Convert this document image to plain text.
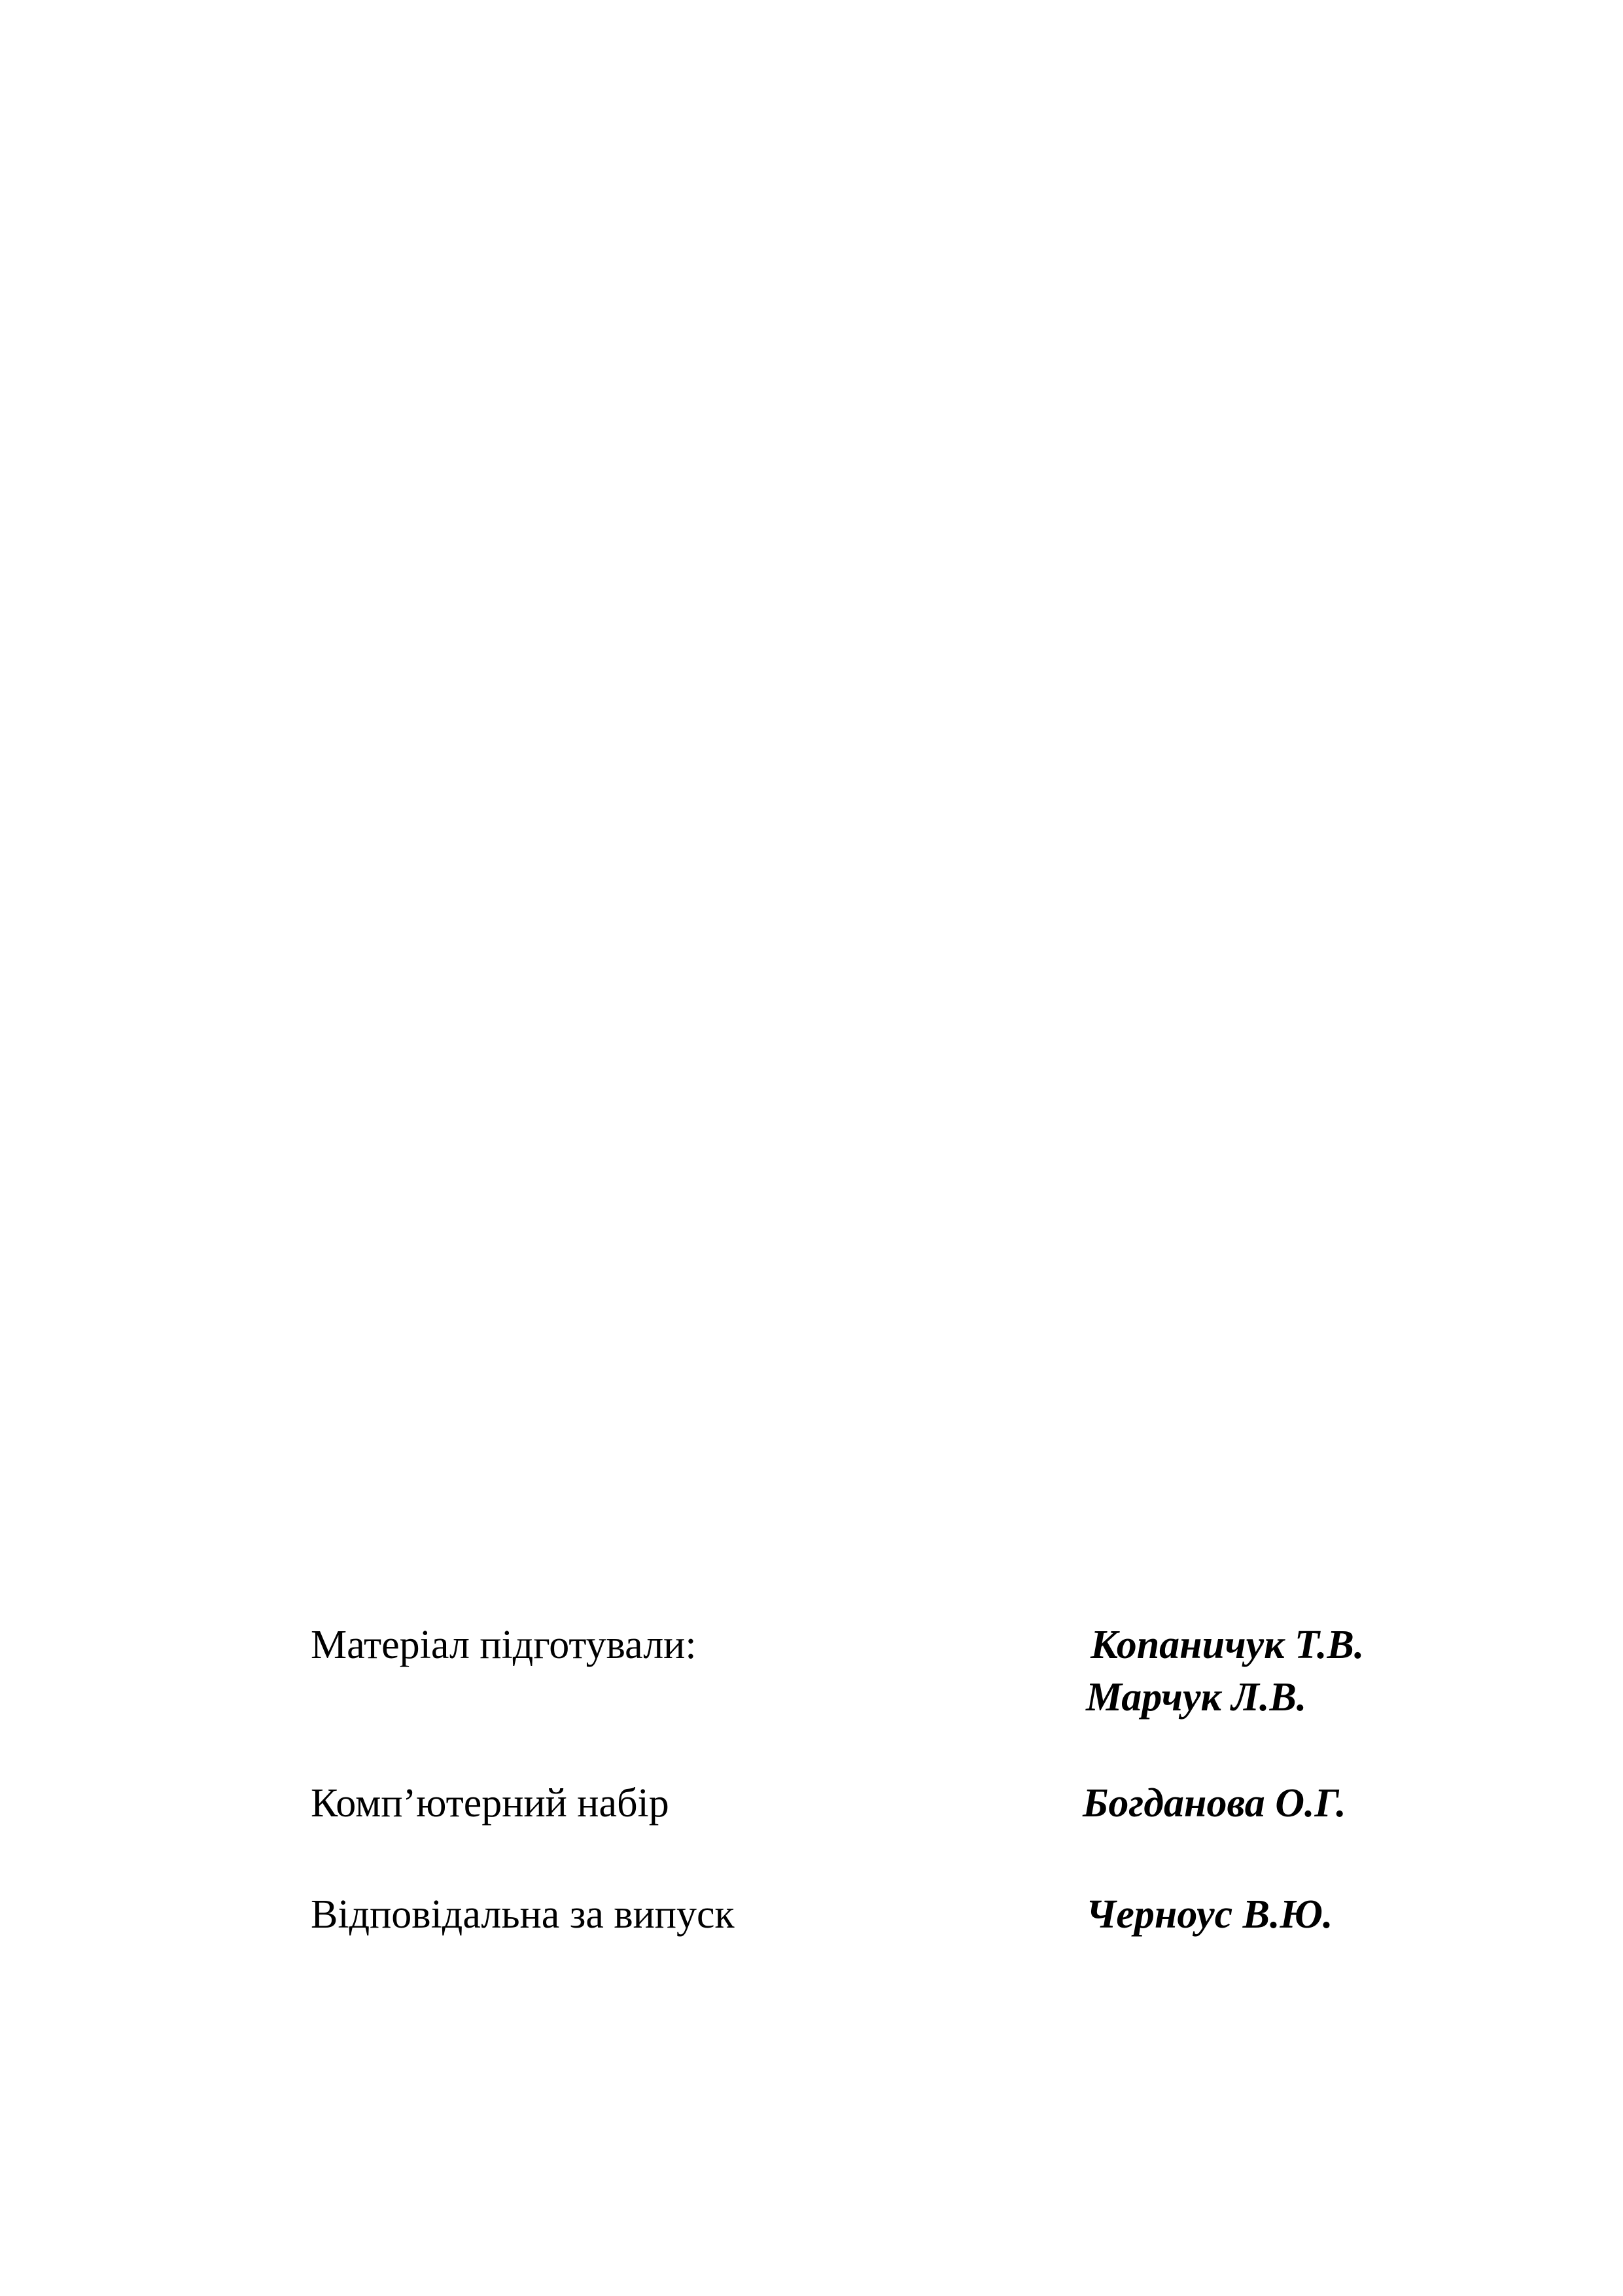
Матеріал підготували:	Копаничук Т.В.
Марчук Л.В.
Комп’ютерний набір	Богданова О.Г.
Відповідальна за випуск	Черноус В.Ю.
